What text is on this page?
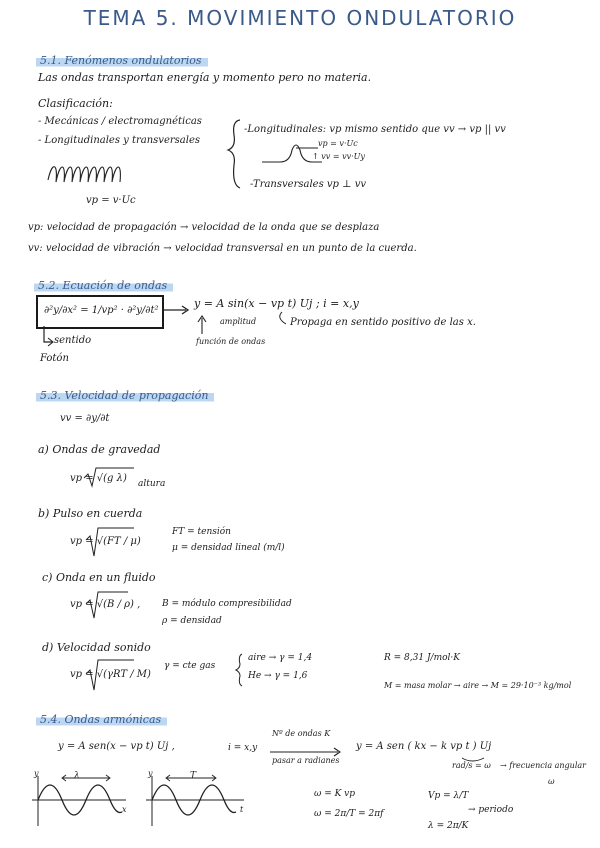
TEMA 5. MOVIMIENTO ONDULATORIO
5.1. Fenómenos ondulatorios
Las ondas transportan energía y momento pero no materia.
Clasificación:
- Mecánicas / electromagnéticas
- Longitudinales y transversales
-Longitudinales: vp mismo sentido que vv → vp || vv
vp = v·Uc
↑ vv = vv·Uy
-Transversales vp ⊥ vv
vp = v·Uc
vp: velocidad de propagación → velocidad de la onda que se desplaza
vv: velocidad de vibración → velocidad transversal en un punto de la cuerda.
5.2. Ecuación de ondas
∂²y/∂x² = 1/vp² · ∂²y/∂t²
sentido
Fotón
y = A sin(x − vp t) Uj ; i = x,y
amplitud
función de ondas
Propaga en sentido positivo de las x.
5.3. Velocidad de propagación
vv = ∂y/∂t
a) Ondas de gravedad
vp = √(g λ) altura
b) Pulso en cuerda
vp = √(FT / μ)
FT = tensión
μ = densidad lineal (m/l)
c) Onda en un fluido
vp = √(B / ρ) , B = módulo compresibilidad
ρ = densidad
d) Velocidad sonido
vp = √(γRT / M)
γ = cte gas
aire → γ = 1,4
He → γ = 1,6
R = 8,31 J/mol·K
M = masa molar → aire → M = 29·10⁻³ kg/mol
5.4. Ondas armónicas
y = A sen(x − vp t) Uj ,	i = x,y
Nº de ondas K
pasar a radianes
y = A sen ( kx − k vp t ) Uj
rad/s = ω → frecuencia angular
ω
λ	T
x	t
y	y
ω = K vp
ω = 2π/T = 2πf
Vp = λ/T
→ periodo
λ = 2π/K
